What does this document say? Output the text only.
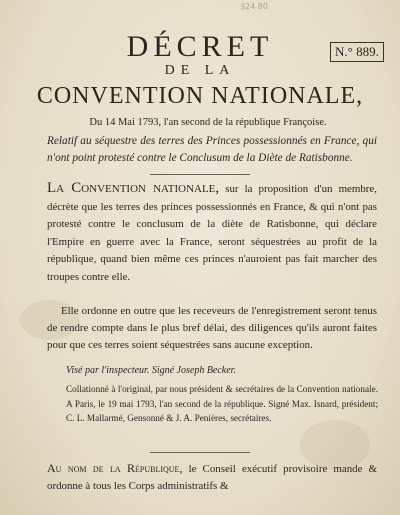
324 80
DÉCRET	N.° 889.
DE LA
CONVENTION NATIONALE,
Du 14 Mai 1793, l'an second de la république Françoise.
Relatif au séquestre des terres des Princes possessionnés en France, qui n'ont point protesté contre le Conclusum de la Diète de Ratisbonne.
La Convention nationale, sur la proposition d'un membre, décrète que les terres des princes possessionnés en France, & qui n'ont pas protesté contre le conclusum de la diète de Ratisbonne, qui déclare l'Empire en guerre avec la France, seront séquestrées au profit de la république, quand bien même ces princes n'auroient pas fait marcher des troupes contre elle.
Elle ordonne en outre que les receveurs de l'enregistrement seront tenus de rendre compte dans le plus bref délai, des diligences qu'ils auront faites pour que ces terres soient séquestrées sans aucune exception.
Visé par l'inspecteur. Signé Joseph Becker.
Collationné à l'original, par nous président & secrétaires de la Convention nationale. A Paris, le 19 mai 1793, l'an second de la république. Signé Max. Isnard, président; C. L. Mallarmé, Gensonné & J. A. Penières, secrétaires.
Au nom de la République, le Conseil exécutif provisoire mande & ordonne à tous les Corps administratifs &
